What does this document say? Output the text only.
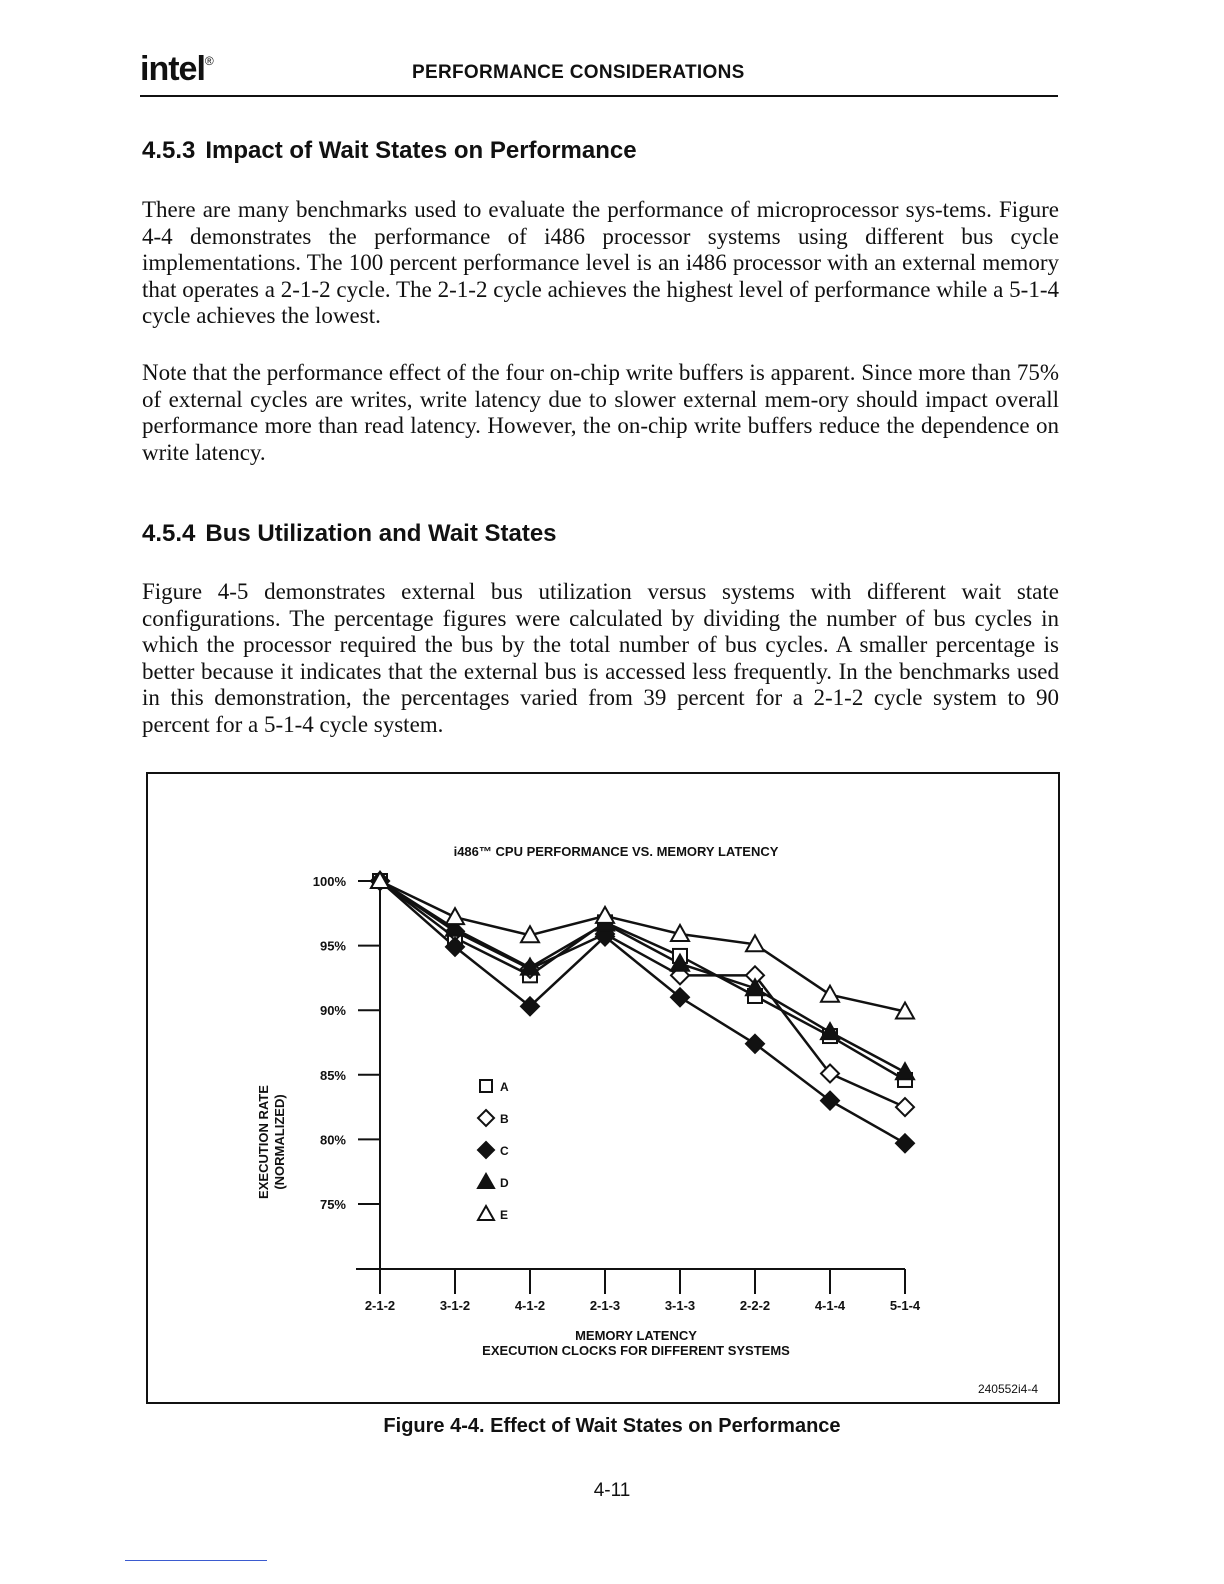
intel®
PERFORMANCE CONSIDERATIONS
4.5.3 Impact of Wait States on Performance

There are many benchmarks used to evaluate the performance of microprocessor sys-tems. Figure 4-4 demonstrates the performance of i486 processor systems using different bus cycle implementations. The 100 percent performance level is an i486 processor with an external memory that operates a 2-1-2 cycle. The 2-1-2 cycle achieves the highest level of performance while a 5-1-4 cycle achieves the lowest.

Note that the performance effect of the four on-chip write buffers is apparent. Since more than 75% of external cycles are writes, write latency due to slower external mem-ory should impact overall performance more than read latency. However, the on-chip write buffers reduce the dependence on write latency.

4.5.4 Bus Utilization and Wait States

Figure 4-5 demonstrates external bus utilization versus systems with different wait state configurations. The percentage figures were calculated by dividing the number of bus cycles in which the processor required the bus by the total number of bus cycles. A smaller percentage is better because it indicates that the external bus is accessed less frequently. In the benchmarks used in this demonstration, the percentages varied from 39 percent for a 2-1-2 cycle system to 90 percent for a 5-1-4 cycle system.

i486™ CPU PERFORMANCE VS. MEMORY LATENCY
EXECUTION RATE (NORMALIZED)
MEMORY LATENCY
EXECUTION CLOCKS FOR DIFFERENT SYSTEMS
240552i4-4
100%
95%
90%
85%
80%
75%
2-1-2	3-1-2	4-1-2	2-1-3	3-1-3	2-2-2	4-1-4	5-1-4
A
B
C
D
E
Figure 4-4. Effect of Wait States on Performance
4-11
